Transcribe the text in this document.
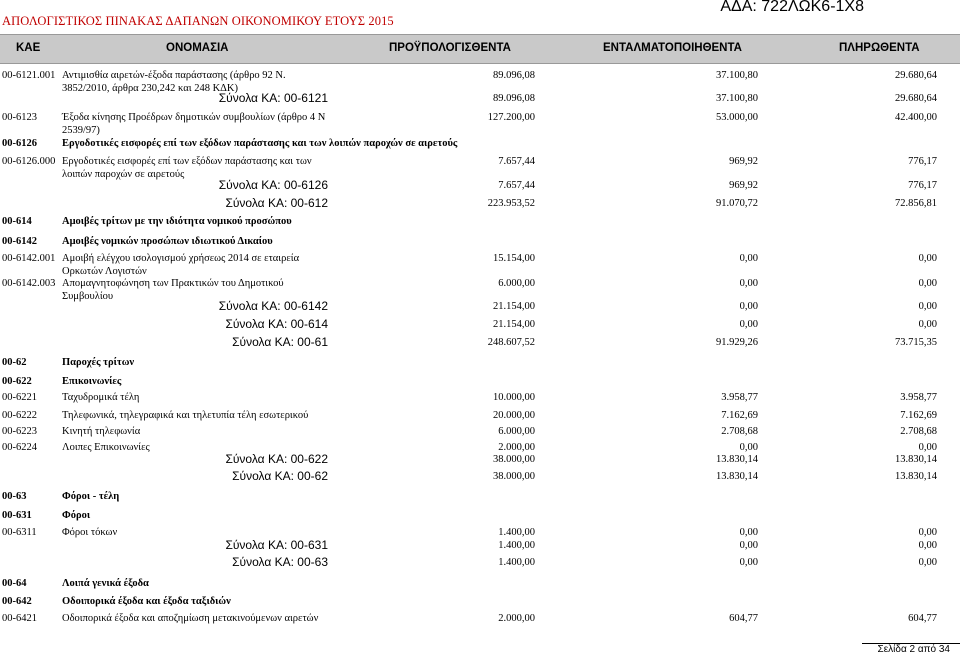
ΑΠΟΛΟΓΙΣΤΙΚΟΣ ΠΙΝΑΚΑΣ ΔΑΠΑΝΩΝ ΟΙΚΟΝΟΜΙΚΟΥ ΕΤΟΥΣ 2015
ΑΔΑ: 722ΛΩΚ6-1Χ8
ΚΑΕ	ΟΝΟΜΑΣΙΑ	ΠΡΟΫΠΟΛΟΓΙΣΘΕΝΤΑ	ΕΝΤΑΛΜΑΤΟΠΟΙΗΘΕΝΤΑ	ΠΛΗΡΩΘΕΝΤΑ
00-6121.001 Αντιμισθία αιρετών-έξοδα παράστασης (άρθρο 92 Ν.
3852/2010, άρθρα 230,242 και 248 ΚΔΚ)
89.096,08	37.100,80	29.680,64
Σύνολα ΚΑ: 00-6121	89.096,08	37.100,80	29.680,64
00-6123 Έξοδα κίνησης Προέδρων δημοτικών συμβουλίων (άρθρο 4 Ν
2539/97)
127.200,00	53.000,00	42.400,00
00-6126 Εργοδοτικές εισφορές επί των εξόδων παράστασης και των λοιπών παροχών σε αιρετούς
00-6126.000 Εργοδοτικές εισφορές επί των εξόδων παράστασης και των
λοιπών παροχών σε αιρετούς
7.657,44	969,92	776,17
Σύνολα ΚΑ: 00-6126	7.657,44	969,92	776,17
Σύνολα ΚΑ: 00-612	223.953,52	91.070,72	72.856,81
00-614	Αμοιβές τρίτων με την ιδιότητα νομικού προσώπου
00-6142 Αμοιβές νομικών προσώπων ιδιωτικού Δικαίου
00-6142.001 Αμοιβή ελέγχου ισολογισμού χρήσεως 2014 σε εταιρεία
Ορκωτών Λογιστών
15.154,00	0,00	0,00
00-6142.003 Απομαγνητοφώνηση των Πρακτικών του Δημοτικού
Συμβουλίου
6.000,00	0,00	0,00
Σύνολα ΚΑ: 00-6142	21.154,00	0,00	0,00
Σύνολα ΚΑ: 00-614	21.154,00	0,00	0,00
Σύνολα ΚΑ: 00-61	248.607,52	91.929,26	73.715,35
00-62	Παροχές τρίτων
00-622	Επικοινωνίες
00-6221 Ταχυδρομικά τέλη	10.000,00	3.958,77	3.958,77
00-6222 Τηλεφωνικά, τηλεγραφικά και τηλετυπία τέλη εσωτερικού	20.000,00	7.162,69	7.162,69
00-6223 Κινητή τηλεφωνία	6.000,00	2.708,68	2.708,68
00-6224 Λοιπες Επικοινωνίες	2.000,00	0,00	0,00
Σύνολα ΚΑ: 00-622	38.000,00	13.830,14	13.830,14
Σύνολα ΚΑ: 00-62	38.000,00	13.830,14	13.830,14
00-63	Φόροι - τέλη
00-631	Φόροι
00-6311 Φόροι τόκων	1.400,00	0,00	0,00
Σύνολα ΚΑ: 00-631	1.400,00	0,00	0,00
Σύνολα ΚΑ: 00-63	1.400,00	0,00	0,00
00-64	Λοιπά γενικά έξοδα
00-642	Οδοιπορικά έξοδα και έξοδα ταξιδιών
00-6421 Οδοιπορικά έξοδα και αποζημίωση μετακινούμενων αιρετών	2.000,00	604,77	604,77
Σελίδα 2 από 34
